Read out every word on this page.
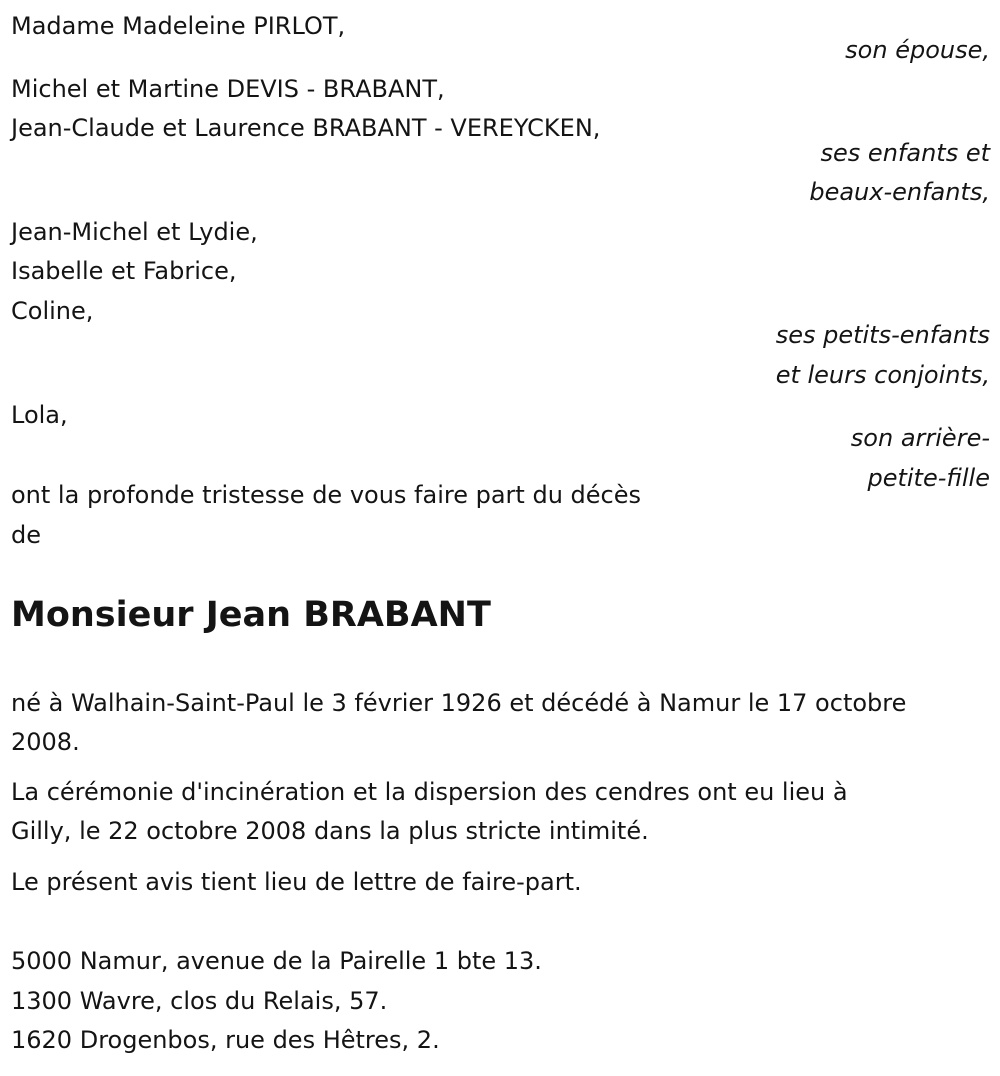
Madame Madeleine PIRLOT,

son épouse,

Michel et Martine DEVIS - BRABANT,

Jean-Claude et Laurence BRABANT - VEREYCKEN,

ses enfants et

beaux-enfants,

Jean-Michel et Lydie,

Isabelle et Fabrice,

Coline,

ses petits-enfants

et leurs conjoints,

Lola,

son arrière-

petite-fille

ont la profonde tristesse de vous faire part du décès

de

Monsieur Jean BRABANT

né à Walhain-Saint-Paul le 3 février 1926 et décédé à Namur le 17 octobre

2008.

La cérémonie d'incinération et la dispersion des cendres ont eu lieu à

Gilly, le 22 octobre 2008 dans la plus stricte intimité.

Le présent avis tient lieu de lettre de faire-part.

5000 Namur, avenue de la Pairelle 1 bte 13.

1300 Wavre, clos du Relais, 57.

1620 Drogenbos, rue des Hêtres, 2.
